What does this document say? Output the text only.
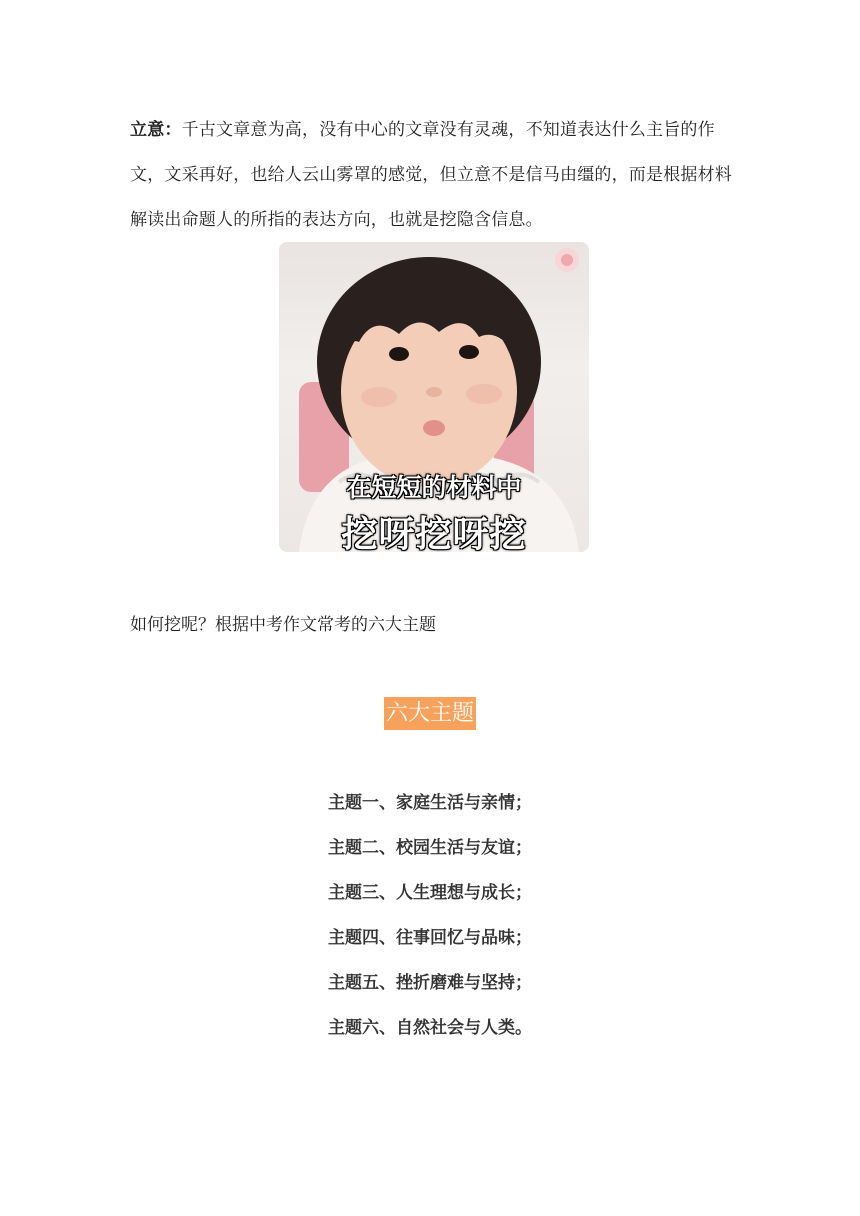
立意：千古文章意为高，没有中心的文章没有灵魂，不知道表达什么主旨的作文，文采再好，也给人云山雾罩的感觉，但立意不是信马由缰的，而是根据材料解读出命题人的所指的表达方向，也就是挖隐含信息。

在短短的材料中
挖呀挖呀挖

如何挖呢？根据中考作文常考的六大主题

六大主题
主题一、家庭生活与亲情；
主题二、校园生活与友谊；
主题三、人生理想与成长；
主题四、往事回忆与品味；
主题五、挫折磨难与坚持；
主题六、自然社会与人类。
